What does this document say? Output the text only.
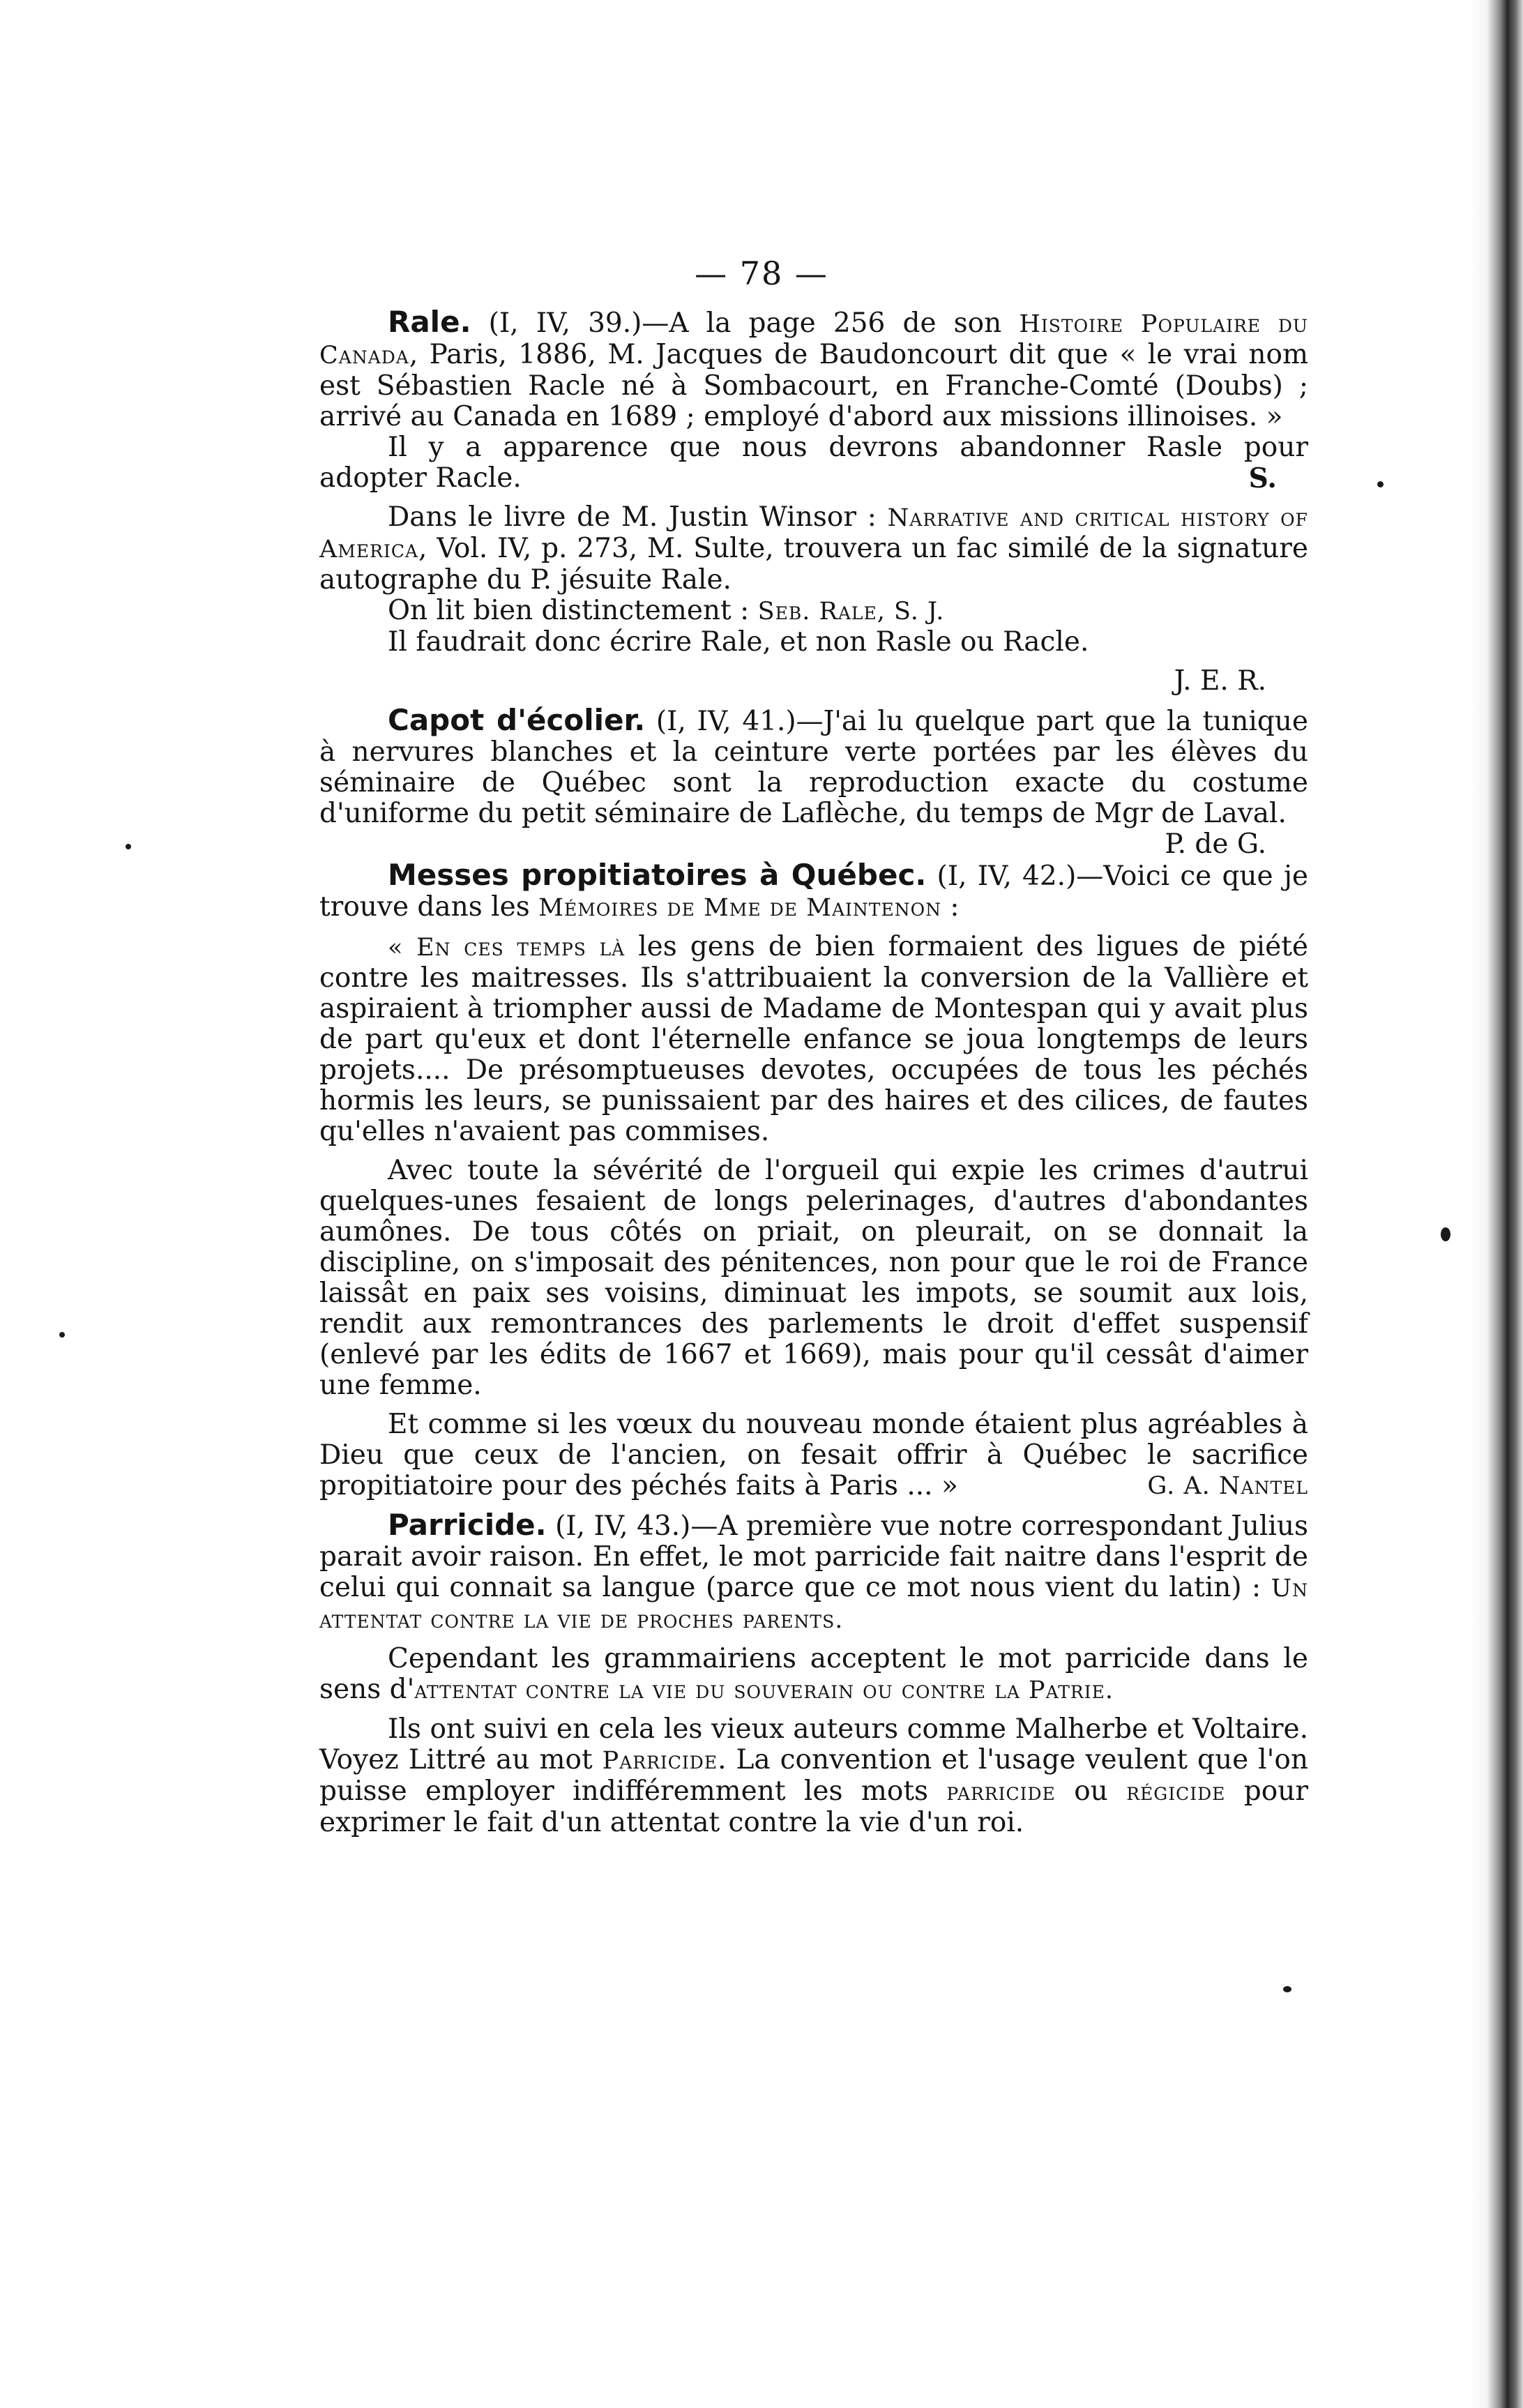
— 78 —

Rale. (I, IV, 39.)—A la page 256 de son Histoire Populaire du Canada, Paris, 1886, M. Jacques de Baudoncourt dit que « le vrai nom est Sébastien Racle né à Sombacourt, en Franche-Comté (Doubs) ; arrivé au Canada en 1689 ; employé d'abord aux missions illinoises. »

Il y a apparence que nous devrons abandonner Rasle pour adopter Racle.	S.

Dans le livre de M. Justin Winsor : Narrative and critical history of America, Vol. IV, p. 273, M. Sulte, trouvera un fac similé de la signature autographe du P. jésuite Rale.

On lit bien distinctement : Seb. Rale, S. J.

Il faudrait donc écrire Rale, et non Rasle ou Racle.

J. E. R.

Capot d'écolier. (I, IV, 41.)—J'ai lu quelque part que la tunique à nervures blanches et la ceinture verte portées par les élèves du séminaire de Québec sont la reproduction exacte du costume d'uniforme du petit séminaire de Laflèche, du temps de Mgr de Laval.

P. de G.

Messes propitiatoires à Québec. (I, IV, 42.)—Voici ce que je trouve dans les Mémoires de Mme de Maintenon :

« En ces temps là les gens de bien formaient des ligues de piété contre les maitresses. Ils s'attribuaient la conversion de la Vallière et aspiraient à triompher aussi de Madame de Montespan qui y avait plus de part qu'eux et dont l'éternelle enfance se joua longtemps de leurs projets.... De présomptueuses devotes, occupées de tous les péchés hormis les leurs, se punissaient par des haires et des cilices, de fautes qu'elles n'avaient pas commises.

Avec toute la sévérité de l'orgueil qui expie les crimes d'autrui quelques-unes fesaient de longs pelerinages, d'autres d'abondantes aumônes. De tous côtés on priait, on pleurait, on se donnait la discipline, on s'imposait des pénitences, non pour que le roi de France laissât en paix ses voisins, diminuat les impots, se soumit aux lois, rendit aux remontrances des parlements le droit d'effet suspensif (enlevé par les édits de 1667 et 1669), mais pour qu'il cessât d'aimer une femme.

Et comme si les vœux du nouveau monde étaient plus agréables à Dieu que ceux de l'ancien, on fesait offrir à Québec le sacrifice propitiatoire pour des péchés faits à Paris ... »	G. A. Nantel

Parricide. (I, IV, 43.)—A première vue notre correspondant Julius parait avoir raison. En effet, le mot parricide fait naitre dans l'esprit de celui qui connait sa langue (parce que ce mot nous vient du latin) : Un attentat contre la vie de proches parents.

Cependant les grammairiens acceptent le mot parricide dans le sens d'attentat contre la vie du souverain ou contre la Patrie.

Ils ont suivi en cela les vieux auteurs comme Malherbe et Voltaire. Voyez Littré au mot Parricide. La convention et l'usage veulent que l'on puisse employer indifféremment les mots parricide ou régicide pour exprimer le fait d'un attentat contre la vie d'un roi.
